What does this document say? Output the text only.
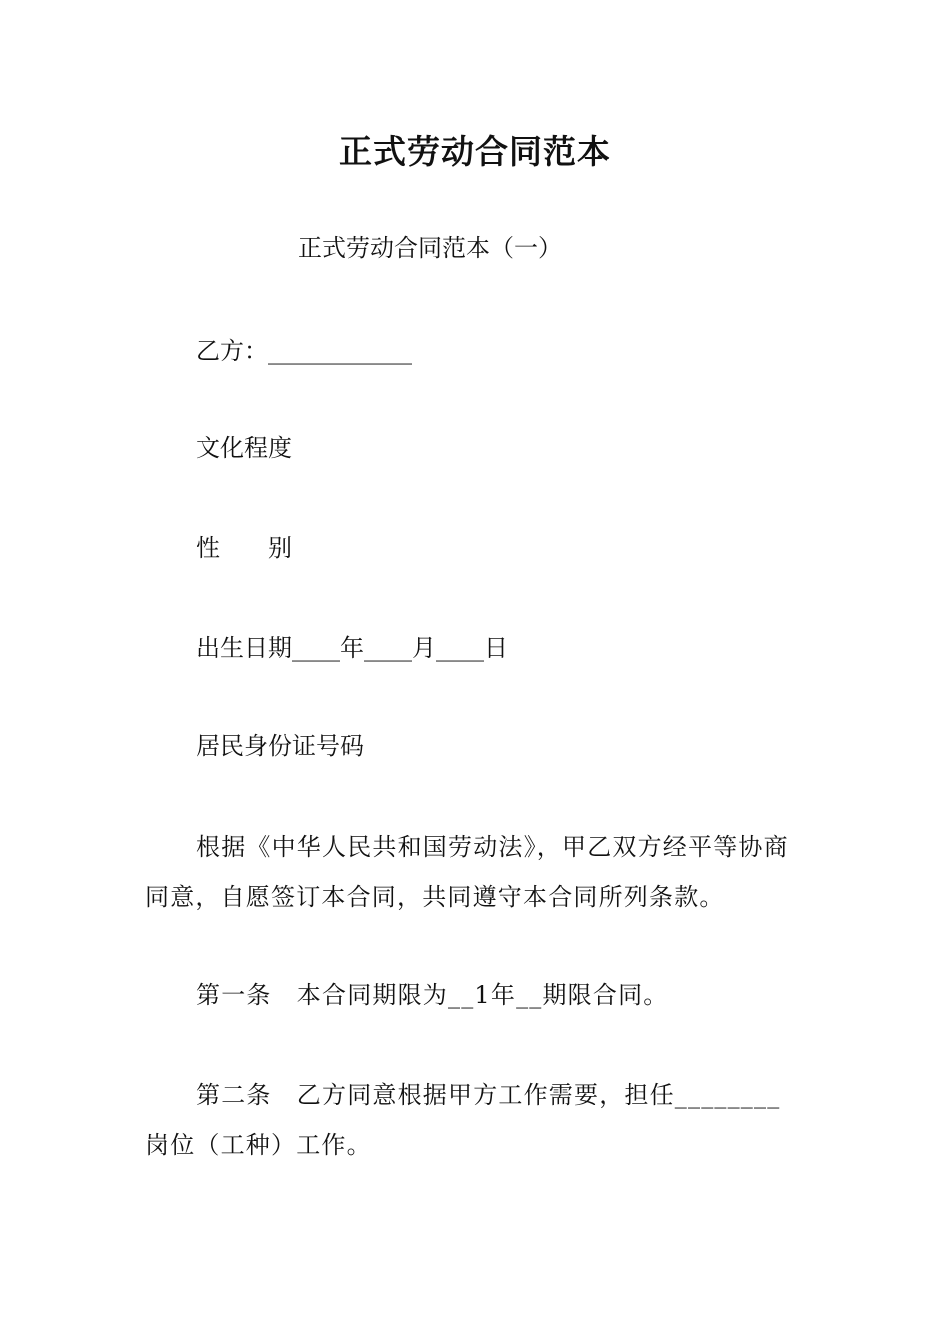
正式劳动合同范本

正式劳动合同范本（一）

乙方：____________

文化程度

性　　别

出生日期____年____月____日

居民身份证号码

根据《中华人民共和国劳动法》，甲乙双方经平等协商同意，自愿签订本合同，共同遵守本合同所列条款。

第一条　本合同期限为__1年__期限合同。

第二条　乙方同意根据甲方工作需要，担任________岗位（工种）工作。
